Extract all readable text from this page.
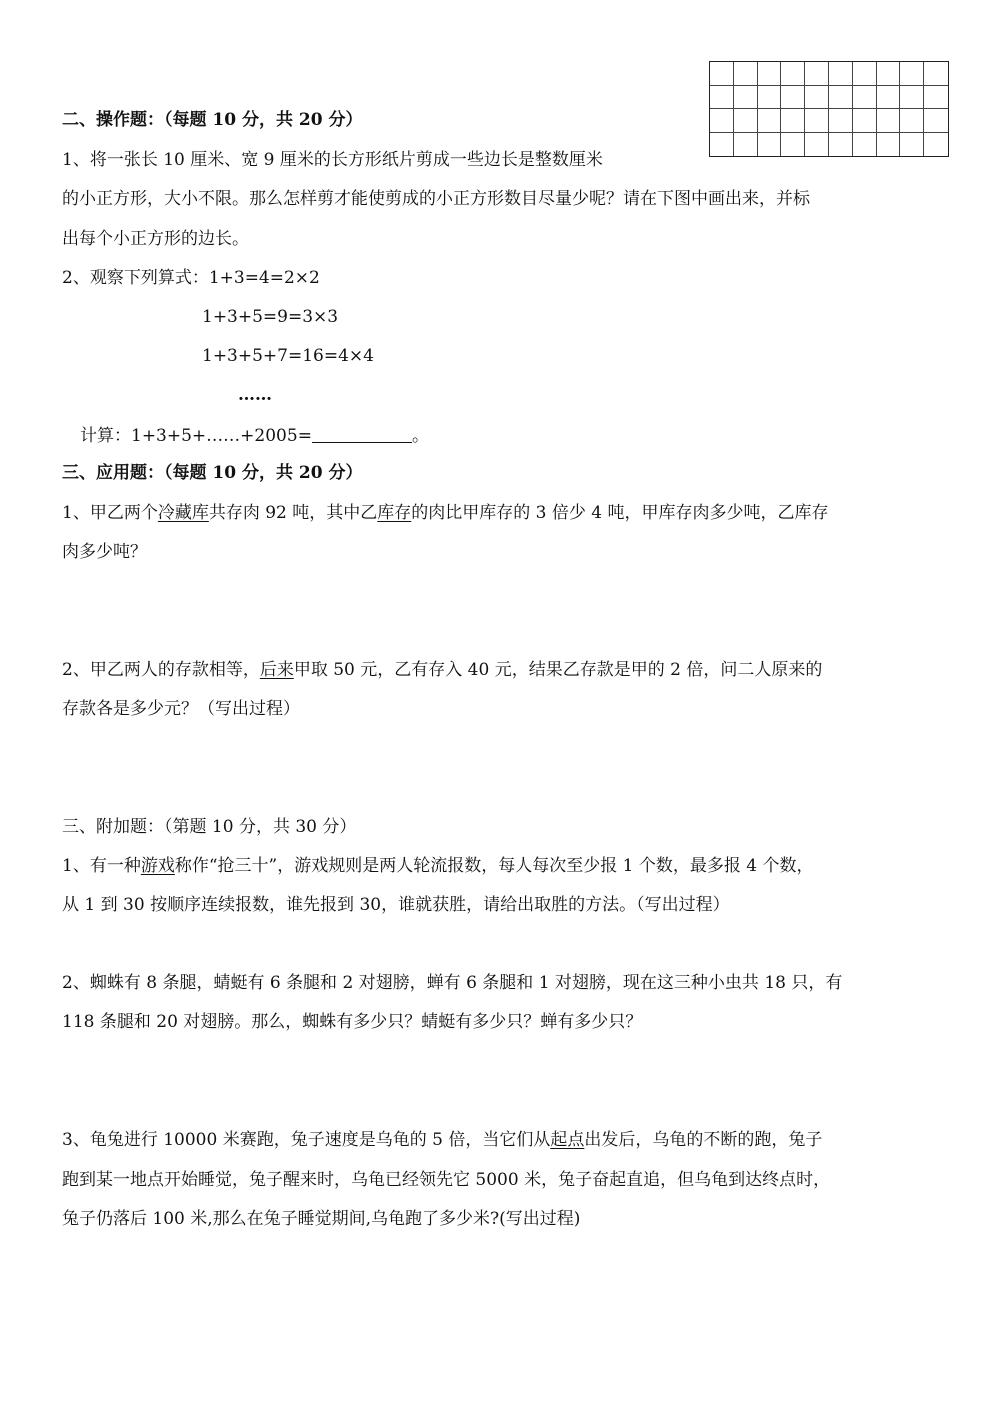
二、操作题：（每题 10 分，共 20 分）
1、将一张长 10 厘米、宽 9 厘米的长方形纸片剪成一些边长是整数厘米
的小正方形，大小不限。那么怎样剪才能使剪成的小正方形数目尽量少呢？请在下图中画出来，并标
出每个小正方形的边长。
2、观察下列算式：1+3=4=2×2
1+3+5=9=3×3
1+3+5+7=16=4×4
……
计算：1+3+5+……+2005=	。
三、应用题：（每题 10 分，共 20 分）
1、甲乙两个冷藏库共存肉 92 吨，其中乙库存的肉比甲库存的 3 倍少 4 吨，甲库存肉多少吨，乙库存
肉多少吨？
2、甲乙两人的存款相等，后来甲取 50 元，乙有存入 40 元，结果乙存款是甲的 2 倍，问二人原来的
存款各是多少元？（写出过程）
三、附加题：（第题 10 分，共 30 分）
1、有一种游戏称作“抢三十”，游戏规则是两人轮流报数，每人每次至少报 1 个数，最多报 4 个数，
从 1 到 30 按顺序连续报数，谁先报到 30，谁就获胜，请给出取胜的方法。（写出过程）
2、蜘蛛有 8 条腿，蜻蜓有 6 条腿和 2 对翅膀，蝉有 6 条腿和 1 对翅膀，现在这三种小虫共 18 只，有
118 条腿和 20 对翅膀。那么，蜘蛛有多少只？蜻蜓有多少只？蝉有多少只？
3、龟兔进行 10000 米赛跑，兔子速度是乌龟的 5 倍，当它们从起点出发后，乌龟的不断的跑，兔子
跑到某一地点开始睡觉，兔子醒来时，乌龟已经领先它 5000 米，兔子奋起直追，但乌龟到达终点时，
兔子仍落后 100 米,那么在兔子睡觉期间,乌龟跑了多少米?(写出过程)
